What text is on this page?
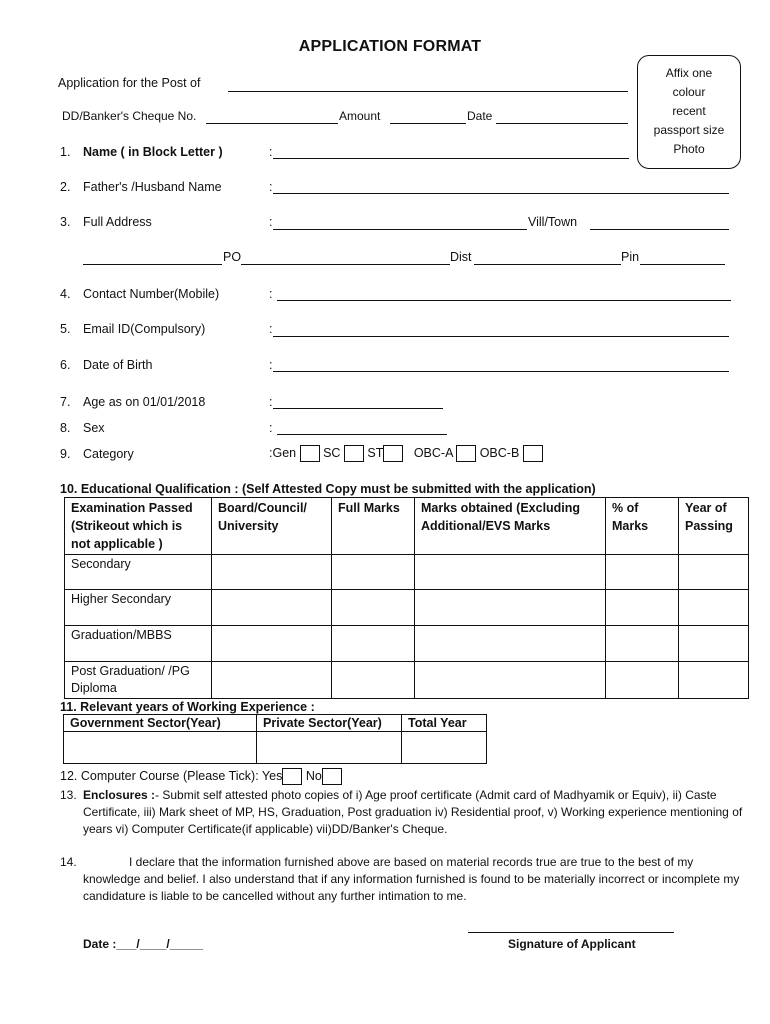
APPLICATION FORMAT
Affix one
colour
recent
passport size
Photo
Application for the Post of
DD/Banker's Cheque No.	Amount	Date
1. Name ( in Block Letter )	:
2. Father's /Husband Name	:
3. Full Address	:	Vill/Town
PO	Dist	Pin
4. Contact Number(Mobile)	:
5. Email ID(Compulsory)	:
6. Date of Birth	:
7. Age as on 01/01/2018	:
8. Sex	:
9. Category	:Gen SC ST OBC-A OBC-B
10. Educational Qualification : (Self Attested Copy must be submitted with the application)
Examination Passed (Strikeout which is not applicable )	Board/Council/ University	Full Marks	Marks obtained (Excluding Additional/EVS Marks	% of Marks	Year of Passing
Secondary					
Higher Secondary					
Graduation/MBBS					
Post Graduation/ /PG Diploma					
11. Relevant years of Working Experience :
Government Sector(Year)	Private Sector(Year)	Total Year

12. Computer Course (Please Tick): Yes No
13. Enclosures :- Submit self attested photo copies of i) Age proof certificate (Admit card of Madhyamik or Equiv), ii) Caste Certificate, iii) Mark sheet of MP, HS, Graduation, Post graduation iv) Residential proof, v) Working experience mentioning of years vi) Computer Certificate(if applicable) vii)DD/Banker's Cheque.
14.	I declare that the information furnished above are based on material records true are true to the best of my knowledge and belief. I also understand that if any information furnished is found to be materially incorrect or incomplete my candidature is liable to be cancelled without any further intimation to me.
Date :___/____/_____	Signature of Applicant
